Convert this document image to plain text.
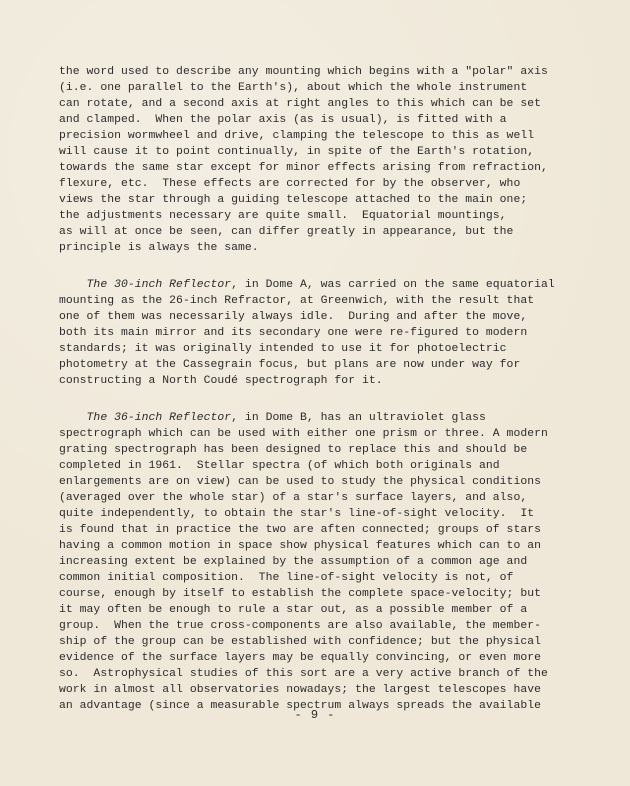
the word used to describe any mounting which begins with a "polar" axis
(i.e. one parallel to the Earth's), about which the whole instrument
can rotate, and a second axis at right angles to this which can be set
and clamped.  When the polar axis (as is usual), is fitted with a
precision wormwheel and drive, clamping the telescope to this as well
will cause it to point continually, in spite of the Earth's rotation,
towards the same star except for minor effects arising from refraction,
flexure, etc.  These effects are corrected for by the observer, who
views the star through a guiding telescope attached to the main one;
the adjustments necessary are quite small.  Equatorial mountings,
as will at once be seen, can differ greatly in appearance, but the
principle is always the same.
The 30-inch Reflector, in Dome A, was carried on the same equatorial
mounting as the 26-inch Refractor, at Greenwich, with the result that
one of them was necessarily always idle.  During and after the move,
both its main mirror and its secondary one were re-figured to modern
standards; it was originally intended to use it for photoelectric
photometry at the Cassegrain focus, but plans are now under way for
constructing a North Coudé spectrograph for it.
The 36-inch Reflector, in Dome B, has an ultraviolet glass
spectrograph which can be used with either one prism or three. A modern
grating spectrograph has been designed to replace this and should be
completed in 1961.  Stellar spectra (of which both originals and
enlargements are on view) can be used to study the physical conditions
(averaged over the whole star) of a star's surface layers, and also,
quite independently, to obtain the star's line-of-sight velocity.  It
is found that in practice the two are aften connected; groups of stars
having a common motion in space show physical features which can to an
increasing extent be explained by the assumption of a common age and
common initial composition.  The line-of-sight velocity is not, of
course, enough by itself to establish the complete space-velocity; but
it may often be enough to rule a star out, as a possible member of a
group.  When the true cross-components are also available, the member-
ship of the group can be established with confidence; but the physical
evidence of the surface layers may be equally convincing, or even more
so.  Astrophysical studies of this sort are a very active branch of the
work in almost all observatories nowadays; the largest telescopes have
an advantage (since a measurable spectrum always spreads the available
- 9 -
